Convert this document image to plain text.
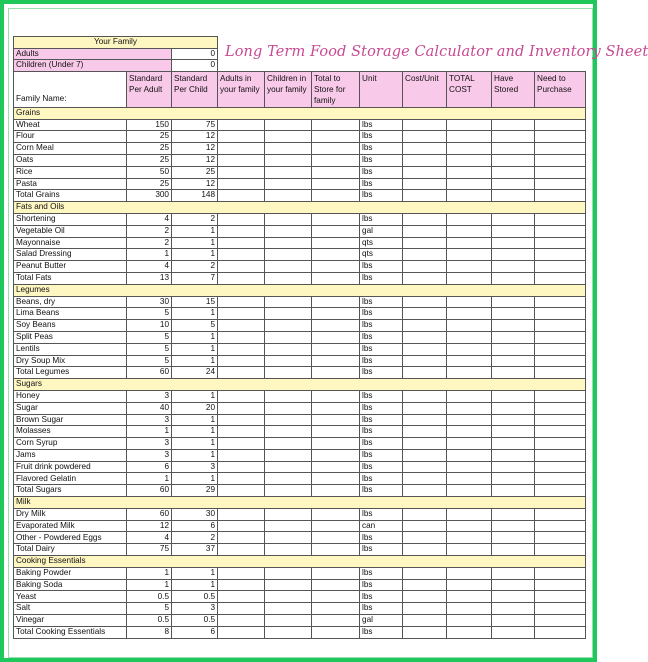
Long Term Food Storage Calculator and Inventory Sheet
Your Family										
Adults		0								
Children (Under 7)		0								
Family Name:	Standard Per Adult	Standard Per Child	Adults in your family	Children in your family	Total to Store for family	Unit	Cost/Unit	TOTAL COST	Have Stored	Need to Purchase
Grains										
Wheat	150	75				lbs				
Flour	25	12				lbs				
Corn Meal	25	12				lbs				
Oats	25	12				lbs				
Rice	50	25				lbs				
Pasta	25	12				lbs				
Total Grains	300	148				lbs				
Fats and Oils										
Shortening	4	2				lbs				
Vegetable Oil	2	1				gal				
Mayonnaise	2	1				qts				
Salad Dressing	1	1				qts				
Peanut Butter	4	2				lbs				
Total Fats	13	7				lbs				
Legumes										
Beans, dry	30	15				lbs				
Lima Beans	5	1				lbs				
Soy Beans	10	5				lbs				
Split Peas	5	1				lbs				
Lentils	5	1				lbs				
Dry Soup Mix	5	1				lbs				
Total Legumes	60	24				lbs				
Sugars										
Honey	3	1				lbs				
Sugar	40	20				lbs				
Brown Sugar	3	1				lbs				
Molasses	1	1				lbs				
Corn Syrup	3	1				lbs				
Jams	3	1				lbs				
Fruit drink powdered	6	3				lbs				
Flavored Gelatin	1	1				lbs				
Total Sugars	60	29				lbs				
Milk										
Dry Milk	60	30				lbs				
Evaporated Milk	12	6				can				
Other - Powdered Eggs	4	2				lbs				
Total Dairy	75	37				lbs				
Cooking Essentials										
Baking Powder	1	1				lbs				
Baking Soda	1	1				lbs				
Yeast	0.5	0.5				lbs				
Salt	5	3				lbs				
Vinegar	0.5	0.5				gal				
Total Cooking Essentials	8	6				lbs				
